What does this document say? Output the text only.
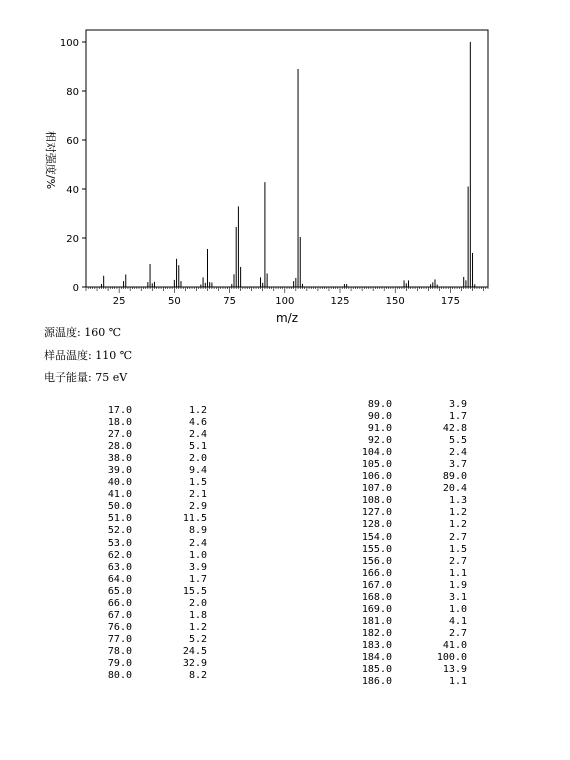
0
20
40
60
80
100
25	50	75	100	125	150	175
相对强度/%
m/z
源温度: 160 ℃
样品温度: 110 ℃
电子能量: 75 eV
17.0	1.2
18.0	4.6
27.0	2.4
28.0	5.1
38.0	2.0
39.0	9.4
40.0	1.5
41.0	2.1
50.0	2.9
51.0	11.5
52.0	8.9
53.0	2.4
62.0	1.0
63.0	3.9
64.0	1.7
65.0	15.5
66.0	2.0
67.0	1.8
76.0	1.2
77.0	5.2
78.0	24.5
79.0	32.9
80.0	8.2
89.0	3.9
90.0	1.7
91.0	42.8
92.0	5.5
104.0	2.4
105.0	3.7
106.0	89.0
107.0	20.4
108.0	1.3
127.0	1.2
128.0	1.2
154.0	2.7
155.0	1.5
156.0	2.7
166.0	1.1
167.0	1.9
168.0	3.1
169.0	1.0
181.0	4.1
182.0	2.7
183.0	41.0
184.0	100.0
185.0	13.9
186.0	1.1
